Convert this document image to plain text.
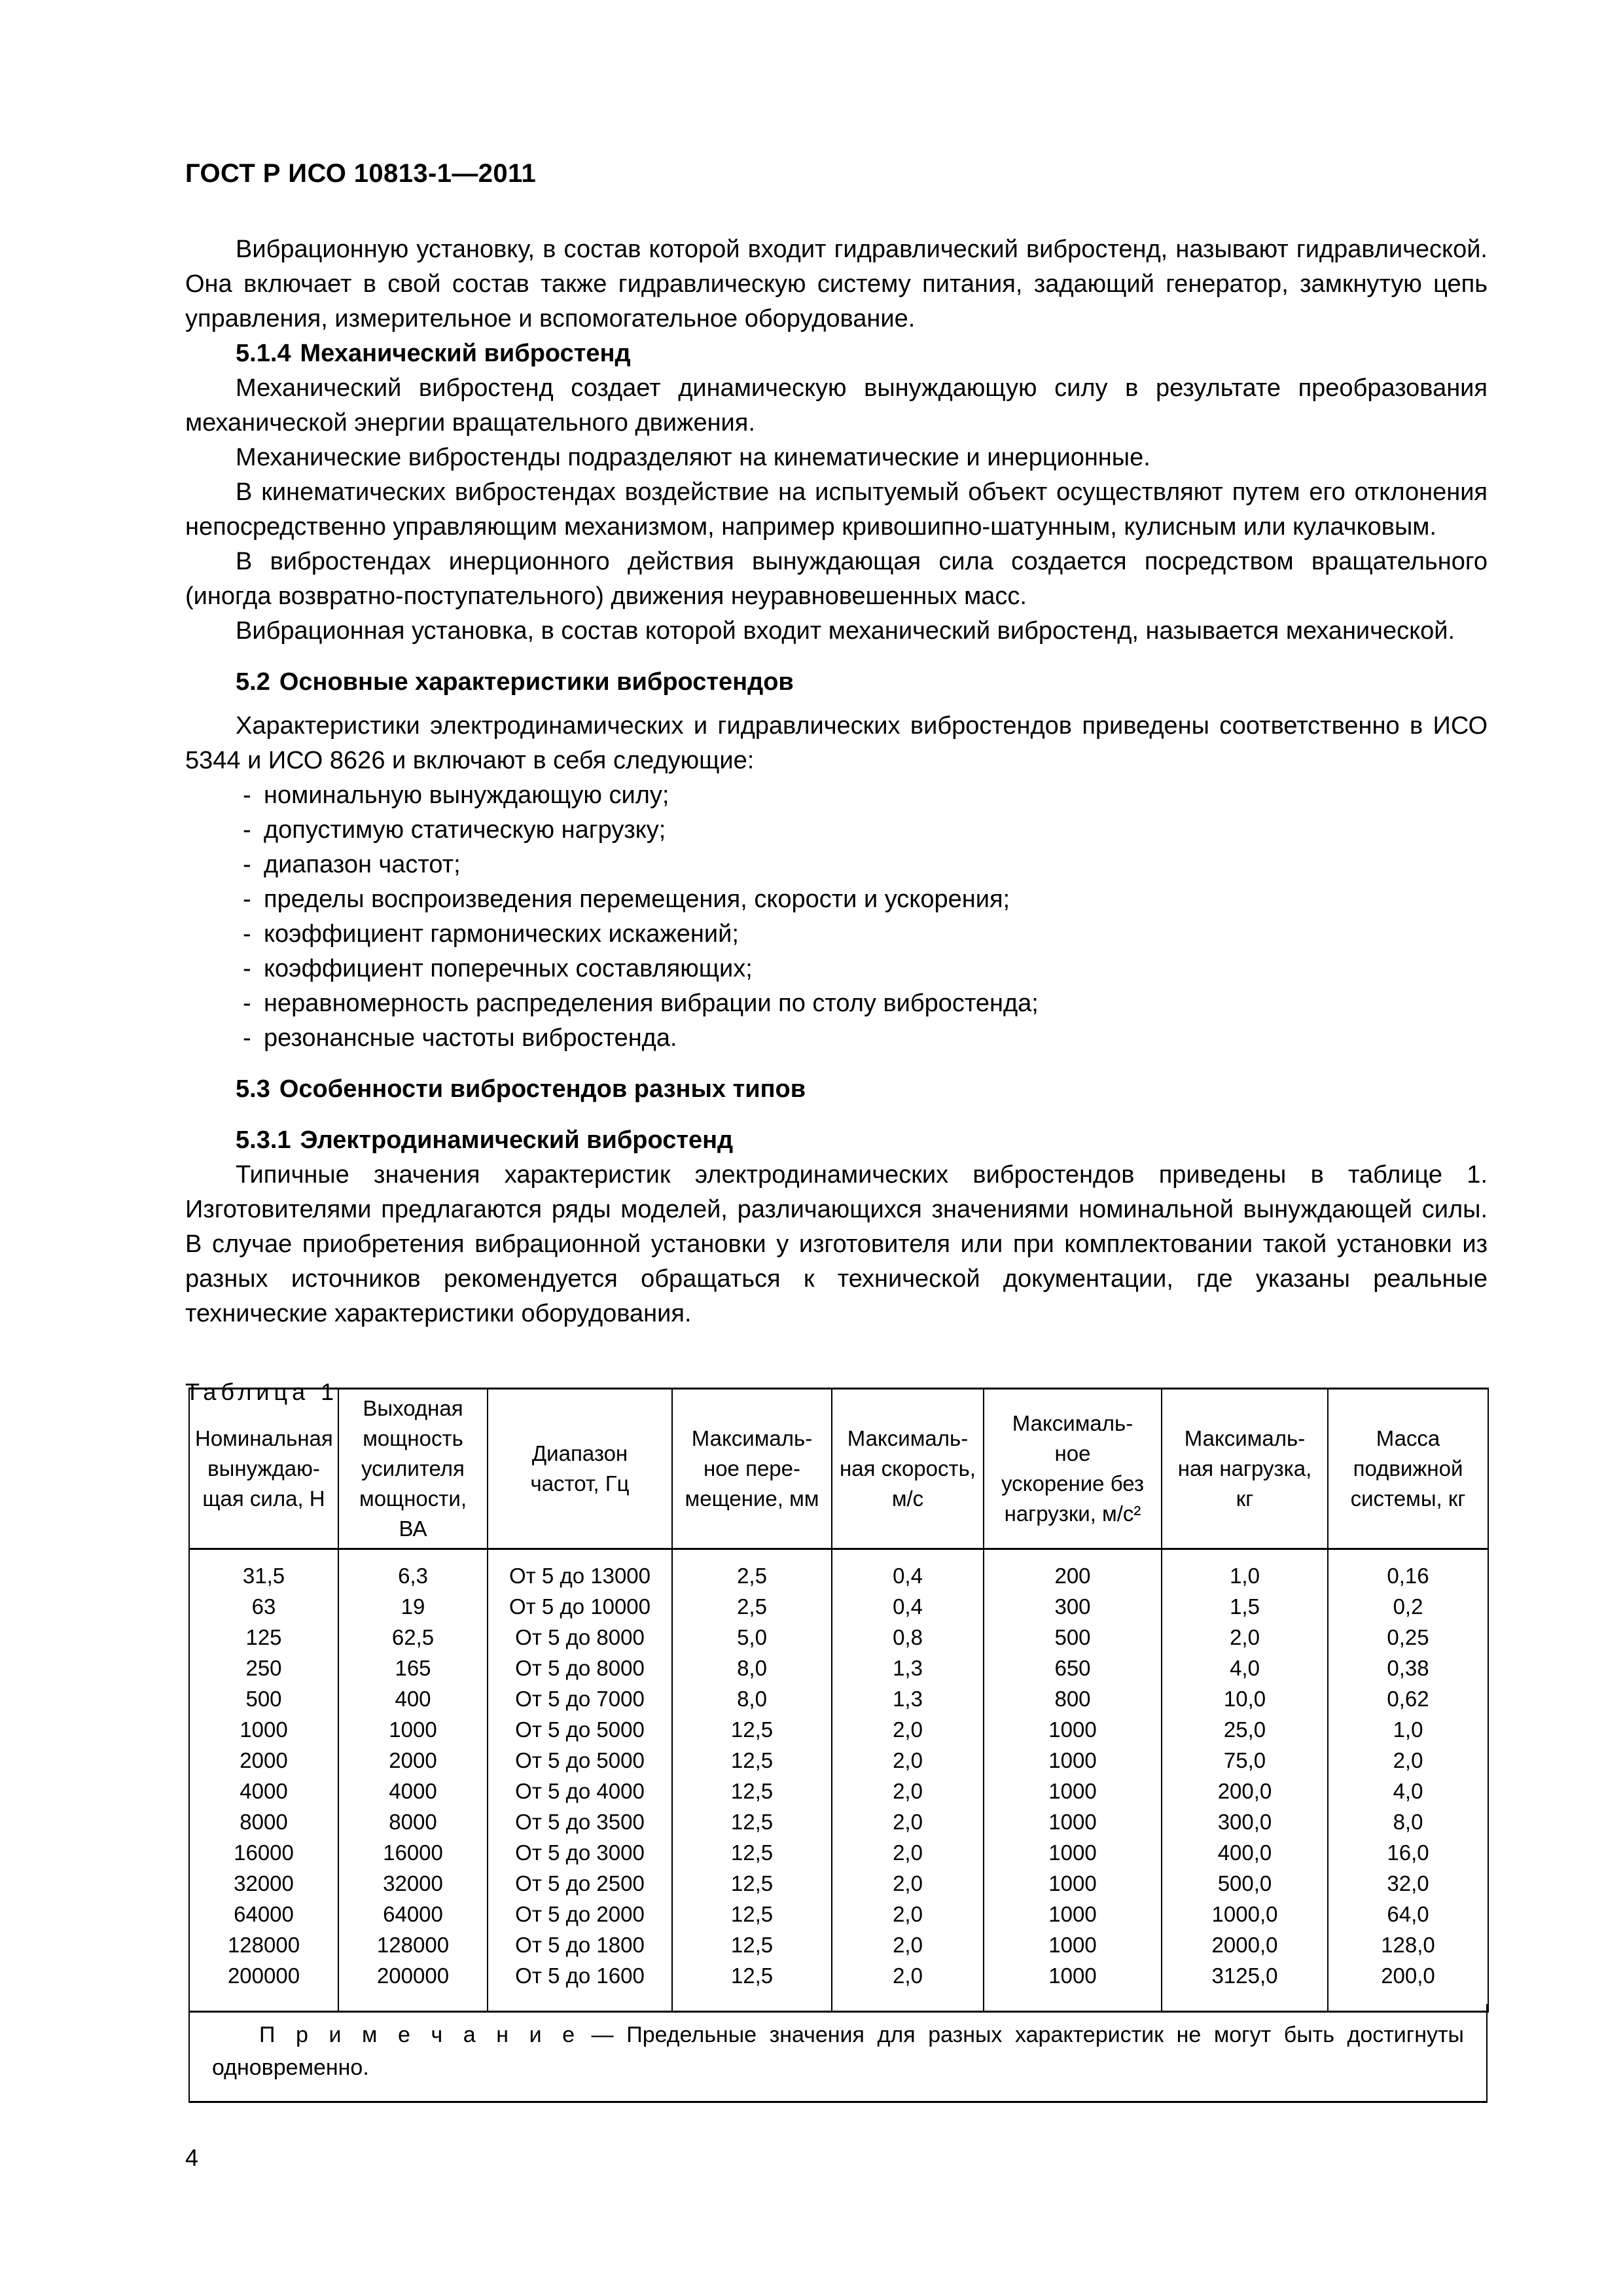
ГОСТ Р ИСО 10813-1—2011

Вибрационную установку, в состав которой входит гидравлический вибростенд, называют гидравлической. Она включает в свой состав также гидравлическую систему питания, задающий генератор, замкнутую цепь управления, измерительное и вспомогательное оборудование.

5.1.4 Механический вибростенд

Механический вибростенд создает динамическую вынуждающую силу в результате преобразования механической энергии вращательного движения.

Механические вибростенды подразделяют на кинематические и инерционные.

В кинематических вибростендах воздействие на испытуемый объект осуществляют путем его отклонения непосредственно управляющим механизмом, например кривошипно-шатунным, кулисным или кулачковым.

В вибростендах инерционного действия вынуждающая сила создается посредством вращательного (иногда возвратно-поступательного) движения неуравновешенных масс.

Вибрационная установка, в состав которой входит механический вибростенд, называется механической.

5.2 Основные характеристики вибростендов

Характеристики электродинамических и гидравлических вибростендов приведены соответственно в ИСО 5344 и ИСО 8626 и включают в себя следующие:

- номинальную вынуждающую силу;
- допустимую статическую нагрузку;
- диапазон частот;
- пределы воспроизведения перемещения, скорости и ускорения;
- коэффициент гармонических искажений;
- коэффициент поперечных составляющих;
- неравномерность распределения вибрации по столу вибростенда;
- резонансные частоты вибростенда.
5.3 Особенности вибростендов разных типов
5.3.1 Электродинамический вибростенд

Типичные значения характеристик электродинамических вибростендов приведены в таблице 1. Изготовителями предлагаются ряды моделей, различающихся значениями номинальной вынуждающей силы. В случае приобретения вибрационной установки у изготовителя или при комплектовании такой установки из разных источников рекомендуется обращаться к технической документации, где указаны реальные технические характеристики оборудования.

Таблица 1
Номинальная
вынуждаю-
щая сила, Н

Выходная
мощность
усилителя
мощности, ВА

Диапазон
частот, Гц

Максималь-
ное пере-
мещение, мм

Максималь-
ная скорость,
м/с

Максималь-
ное
ускорение без
нагрузки, м/с²

Максималь-
ная нагрузка,
кг

Масса
подвижной
системы, кг

31,5	6,3	От 5 до 13000	2,5	0,4	200	1,0	0,16
63	19	От 5 до 10000	2,5	0,4	300	1,5	0,2
125	62,5	От 5 до 8000	5,0	0,8	500	2,0	0,25
250	165	От 5 до 8000	8,0	1,3	650	4,0	0,38
500	400	От 5 до 7000	8,0	1,3	800	10,0	0,62
1000	1000	От 5 до 5000	12,5	2,0	1000	25,0	1,0
2000	2000	От 5 до 5000	12,5	2,0	1000	75,0	2,0
4000	4000	От 5 до 4000	12,5	2,0	1000	200,0	4,0
8000	8000	От 5 до 3500	12,5	2,0	1000	300,0	8,0
16000	16000	От 5 до 3000	12,5	2,0	1000	400,0	16,0
32000	32000	От 5 до 2500	12,5	2,0	1000	500,0	32,0
64000	64000	От 5 до 2000	12,5	2,0	1000	1000,0	64,0
128000	128000	От 5 до 1800	12,5	2,0	1000	2000,0	128,0
200000	200000	От 5 до 1600	12,5	2,0	1000	3125,0	200,0

П р и м е ч а н и е — Предельные значения для разных характеристик не могут быть достигнуты одновременно.

4
